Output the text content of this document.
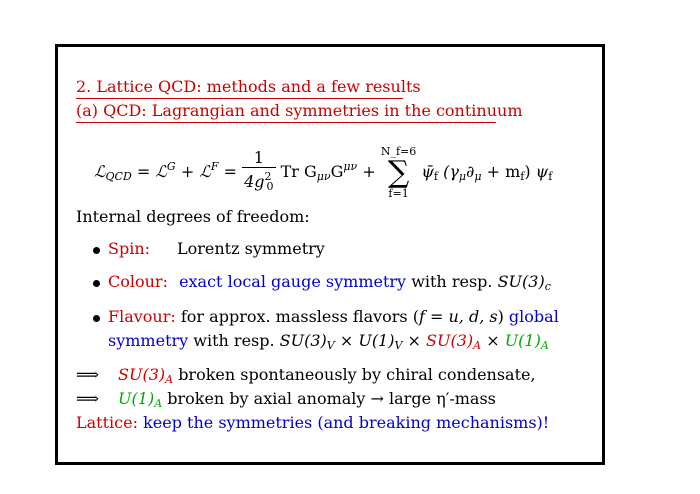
2. Lattice QCD: methods and a few results
(a) QCD: Lagrangian and symmetries in the continuum
ℒ$_{QCD}$ = ℒ$^G$ + ℒ$^F$ = $\frac{1}{4g^2_0}$ Tr $G_{\mu\nu}G^{\mu\nu}$ +
N_f=6
∑
f=1
$\psī_f$ $(\gamma_\mu\partial_\mu + m_f)$ $\psi_f$
Internal degrees of freedom:
Spin: Lorentz symmetry
Colour: exact local gauge symmetry with resp. $SU(3)_c$
Flavour: for approx. massless flavors (f = u, d, s) global
symmetry with resp. $SU(3)_V \times U(1)_V \times SU(3)_A \times U(1)_A$
⟹ $SU(3)_A$ broken spontaneously by chiral condensate,
⟹ $U(1)_A$ broken by axial anomaly → large η′-mass
Lattice: keep the symmetries (and breaking mechanisms)!
